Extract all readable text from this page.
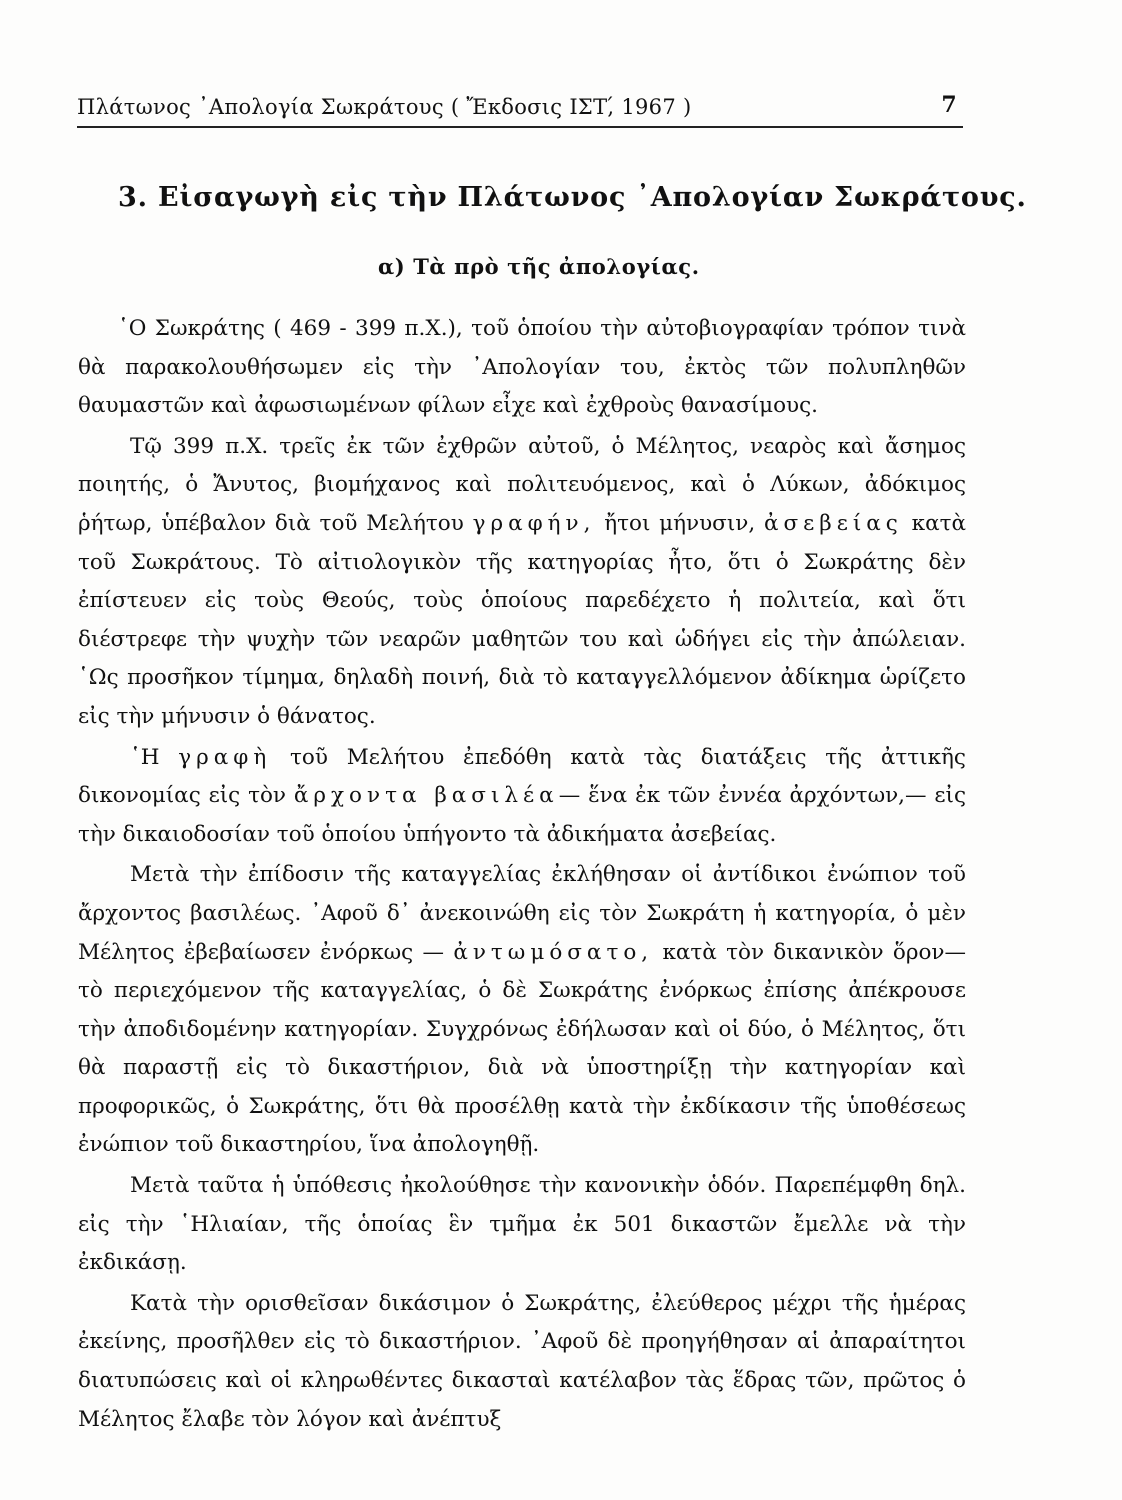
Πλάτωνος ᾽Απολογία Σωκράτους ( Ἔκδοσις ΙΣΤ,́ 1967 )	7
3. Εἰσαγωγὴ εἰς τὴν Πλάτωνος ᾽Απολογίαν Σωκράτους.
α) Τὰ πρὸ τῆς ἀπολογίας.

῾Ο Σωκράτης ( 469 - 399 π.Χ.), τοῦ ὁποίου τὴν αὐτοβιογραφίαν τρόπον τινὰ θὰ παρακολουθήσωμεν εἰς τὴν ᾽Απολογίαν του, ἐκτὸς τῶν πολυπληθῶν θαυμαστῶν καὶ ἀφωσιωμένων φίλων εἶχε καὶ ἐχθροὺς θανασίμους.

Τῷ 399 π.Χ. τρεῖς ἐκ τῶν ἐχθρῶν αὐτοῦ, ὁ Μέλητος, νεαρὸς καὶ ἄσημος ποιητής, ὁ Ἄνυτος, βιομήχανος καὶ πολιτευόμενος, καὶ ὁ Λύκων, ἀδόκιμος ῥήτωρ, ὑπέβαλον διὰ τοῦ Μελήτου γραφήν, ἤτοι μήνυσιν, ἀσεβείας κατὰ τοῦ Σωκράτους. Τὸ αἰτιολογικὸν τῆς κατηγορίας ἦτο, ὅτι ὁ Σωκράτης δὲν ἐπίστευεν εἰς τοὺς Θεούς, τοὺς ὁποίους παρεδέχετο ἡ πολιτεία, καὶ ὅτι διέστρεφε τὴν ψυχὴν τῶν νεαρῶν μαθητῶν του καὶ ὡδήγει εἰς τὴν ἀπώλειαν. ῾Ως προσῆκον τίμημα, δηλαδὴ ποινή, διὰ τὸ καταγγελλόμενον ἀδίκημα ὡρίζετο εἰς τὴν μήνυσιν ὁ θάνατος.

῾Η γραφὴ τοῦ Μελήτου ἐπεδόθη κατὰ τὰς διατάξεις τῆς ἀττικῆς δικονομίας εἰς τὸν ἄρχοντα βασιλέα— ἕνα ἐκ τῶν ἐννέα ἀρχόντων,— εἰς τὴν δικαιοδοσίαν τοῦ ὁποίου ὑπήγοντο τὰ ἀδικήματα ἀσεβείας.

Μετὰ τὴν ἐπίδοσιν τῆς καταγγελίας ἐκλήθησαν οἱ ἀντίδικοι ἐνώπιον τοῦ ἄρχοντος βασιλέως. ᾽Αφοῦ δ᾽ ἀνεκοινώθη εἰς τὸν Σωκράτη ἡ κατηγορία, ὁ μὲν Μέλητος ἐβεβαίωσεν ἐνόρκως — ἀντωμόσατο, κατὰ τὸν δικανικὸν ὅρον— τὸ περιεχόμενον τῆς καταγγελίας, ὁ δὲ Σωκράτης ἐνόρκως ἐπίσης ἀπέκρουσε τὴν ἀποδιδομένην κατηγορίαν. Συγχρόνως ἐδήλωσαν καὶ οἱ δύο, ὁ Μέλητος, ὅτι θὰ παραστῇ εἰς τὸ δικαστήριον, διὰ νὰ ὑποστηρίξῃ τὴν κατηγορίαν καὶ προφορικῶς, ὁ Σωκράτης, ὅτι θὰ προσέλθῃ κατὰ τὴν ἐκδίκασιν τῆς ὑποθέσεως ἐνώπιον τοῦ δικαστηρίου, ἵνα ἀπολογηθῇ.

Μετὰ ταῦτα ἡ ὑπόθεσις ἠκολούθησε τὴν κανονικὴν ὁδόν. Παρεπέμφθη δηλ. εἰς τὴν ῾Ηλιαίαν, τῆς ὁποίας ἓν τμῆμα ἐκ 501 δικαστῶν ἔμελλε νὰ τὴν ἐκδικάσῃ.

Κατὰ τὴν ορισθεῖσαν δικάσιμον ὁ Σωκράτης, ἐλεύθερος μέχρι τῆς ἡμέρας ἐκείνης, προσῆλθεν εἰς τὸ δικαστήριον. ᾽Αφοῦ δὲ προηγήθησαν αἱ ἀπαραίτητοι διατυπώσεις καὶ οἱ κληρωθέντες δικασταὶ κατέλαβον τὰς ἕδρας τῶν, πρῶτος ὁ Μέλητος ἔλαβε τὸν λόγον καὶ ἀνέπτυξ
